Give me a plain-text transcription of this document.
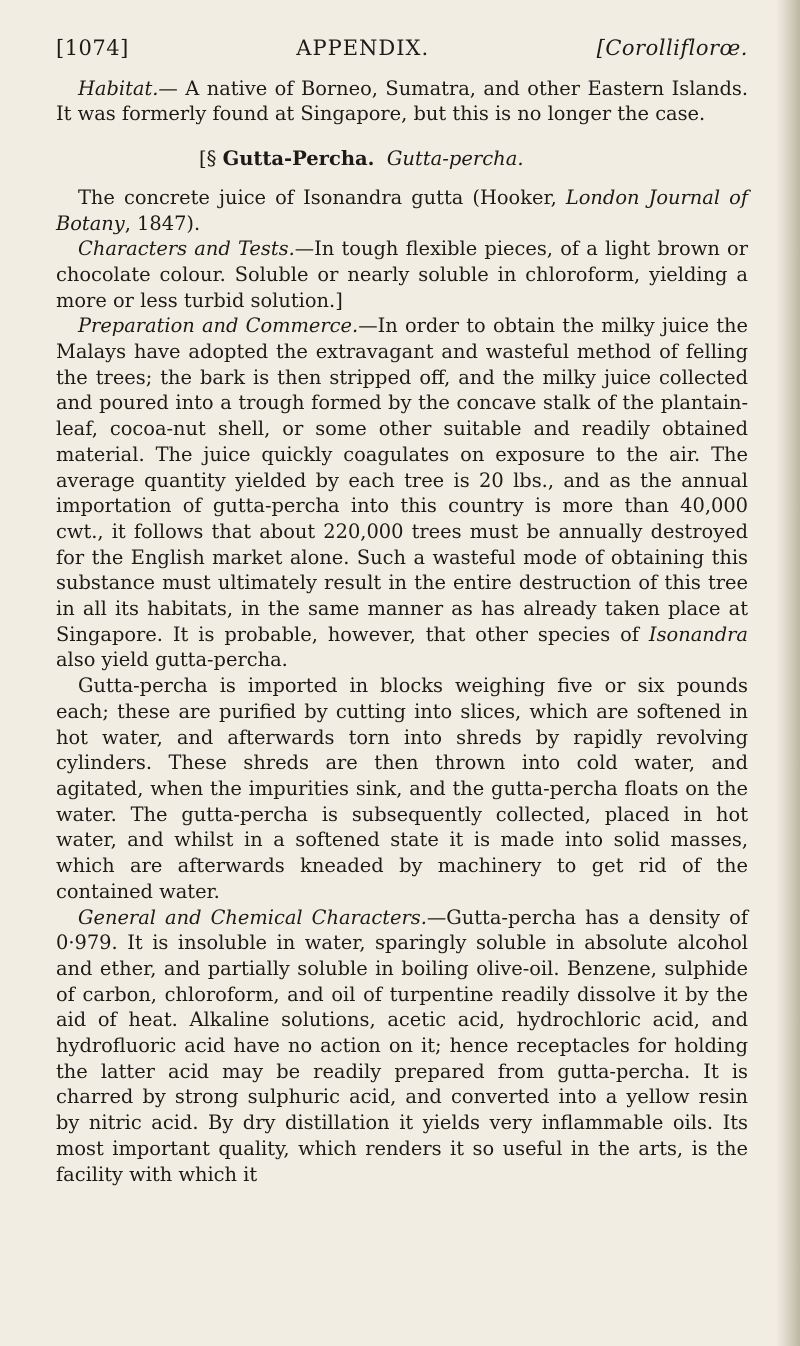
[1074]	APPENDIX.	[Corolliflorœ.

Habitat.— A native of Borneo, Sumatra, and other Eastern Islands. It was formerly found at Singapore, but this is no longer the case.

[§ Gutta-Percha. Gutta-percha.

The concrete juice of Isonandra gutta (Hooker, London Journal of Botany, 1847).

Characters and Tests.—In tough flexible pieces, of a light brown or chocolate colour. Soluble or nearly soluble in chloroform, yielding a more or less turbid solution.]

Preparation and Commerce.—In order to obtain the milky juice the Malays have adopted the extravagant and wasteful method of felling the trees; the bark is then stripped off, and the milky juice collected and poured into a trough formed by the concave stalk of the plantain-leaf, cocoa-nut shell, or some other suitable and readily obtained material. The juice quickly coagulates on exposure to the air. The average quantity yielded by each tree is 20 lbs., and as the annual importation of gutta-percha into this country is more than 40,000 cwt., it follows that about 220,000 trees must be annually destroyed for the English market alone. Such a wasteful mode of obtaining this substance must ultimately result in the entire destruction of this tree in all its habitats, in the same manner as has already taken place at Singapore. It is probable, however, that other species of Isonandra also yield gutta-percha.

Gutta-percha is imported in blocks weighing five or six pounds each; these are purified by cutting into slices, which are softened in hot water, and afterwards torn into shreds by rapidly revolving cylinders. These shreds are then thrown into cold water, and agitated, when the impurities sink, and the gutta-percha floats on the water. The gutta-percha is subsequently collected, placed in hot water, and whilst in a softened state it is made into solid masses, which are afterwards kneaded by machinery to get rid of the contained water.

General and Chemical Characters.—Gutta-percha has a density of 0·979. It is insoluble in water, sparingly soluble in absolute alcohol and ether, and partially soluble in boiling olive-oil. Benzene, sulphide of carbon, chloroform, and oil of turpentine readily dissolve it by the aid of heat. Alkaline solutions, acetic acid, hydrochloric acid, and hydrofluoric acid have no action on it; hence receptacles for holding the latter acid may be readily prepared from gutta-percha. It is charred by strong sulphuric acid, and converted into a yellow resin by nitric acid. By dry distillation it yields very inflammable oils. Its most important quality, which renders it so useful in the arts, is the facility with which it
